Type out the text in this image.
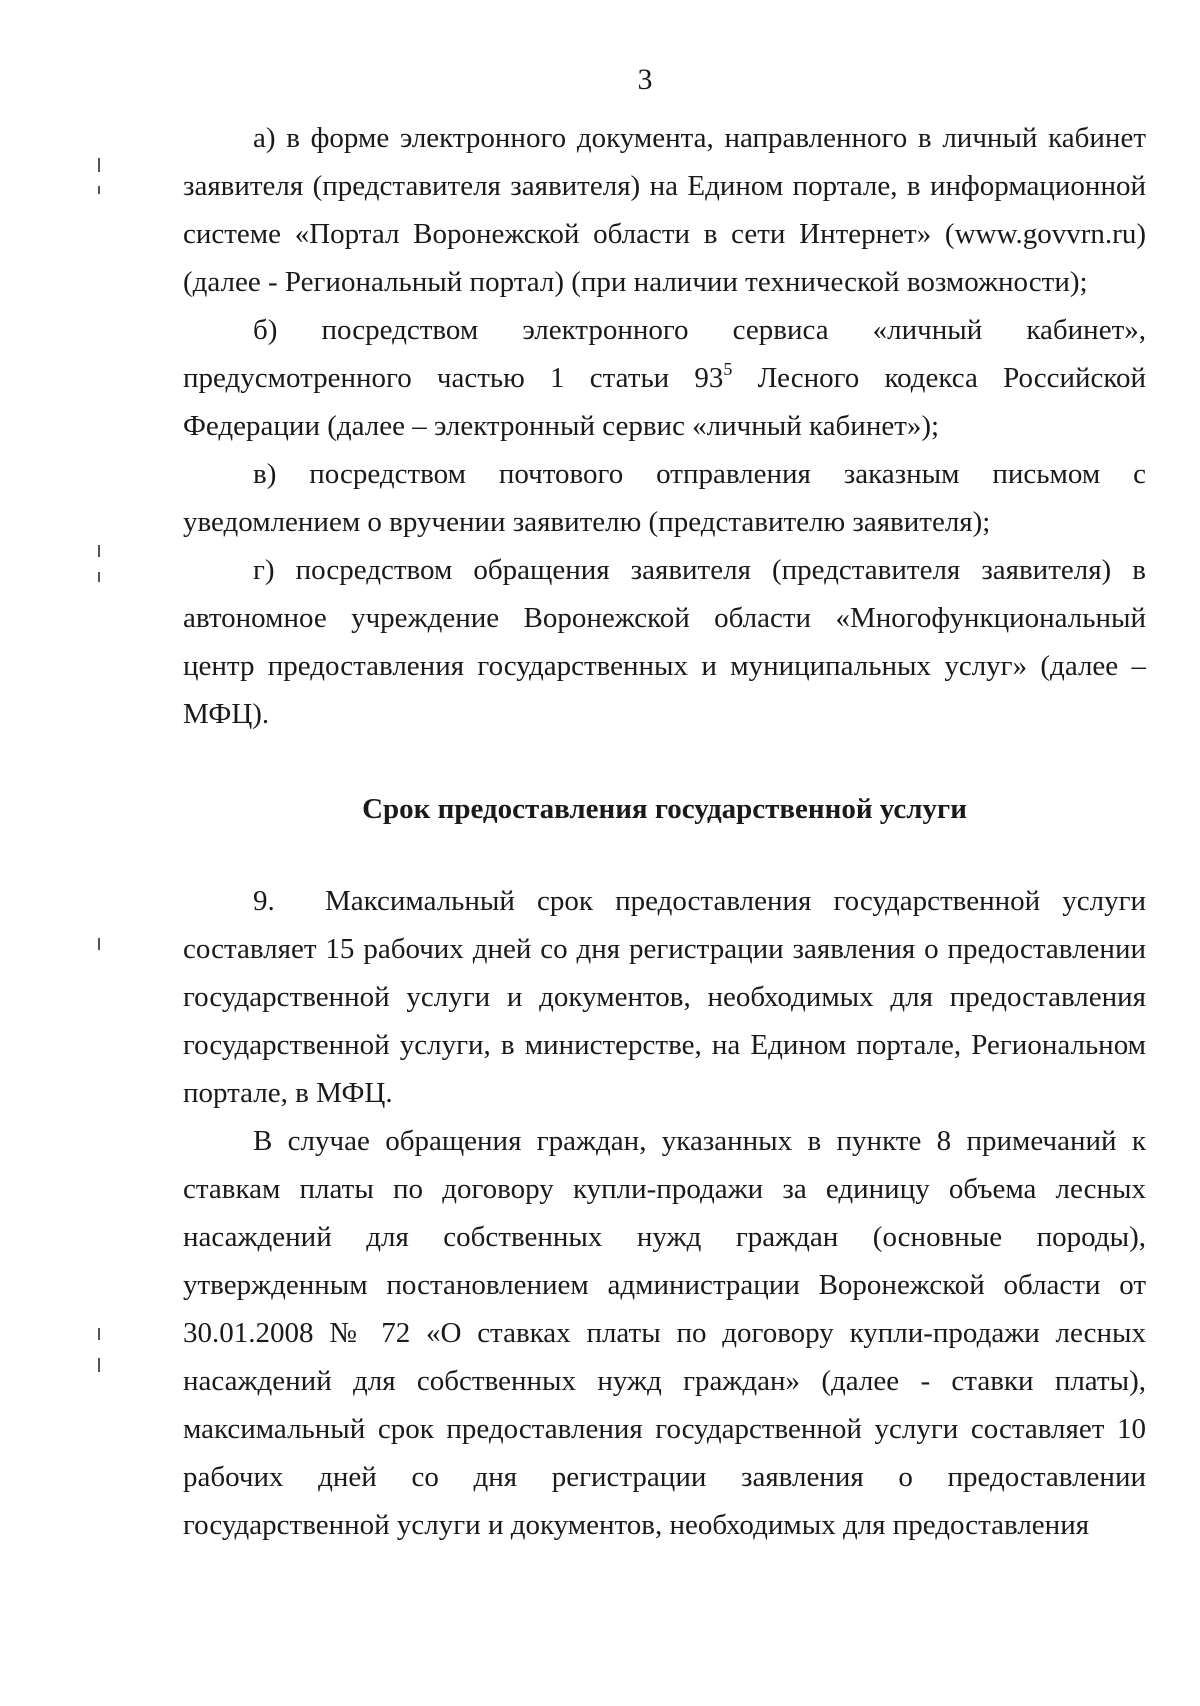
3

а) в форме электронного документа, направленного в личный кабинет заявителя (представителя заявителя) на Едином портале, в информационной системе «Портал Воронежской области в сети Интернет» (www.govvrn.ru) (далее - Региональный портал) (при наличии технической возможности);

б) посредством электронного сервиса «личный кабинет», предусмотренного частью 1 статьи $93^5$ Лесного кодекса Российской Федерации (далее – электронный сервис «личный кабинет»);

в) посредством почтового отправления заказным письмом с уведомлением о вручении заявителю (представителю заявителя);

г) посредством обращения заявителя (представителя заявителя) в автономное учреждение Воронежской области «Многофункциональный центр предоставления государственных и муниципальных услуг» (далее – МФЦ).

Срок предоставления государственной услуги

9. Максимальный срок предоставления государственной услуги составляет 15 рабочих дней со дня регистрации заявления о предоставлении государственной услуги и документов, необходимых для предоставления государственной услуги, в министерстве, на Едином портале, Региональном портале, в МФЦ.

В случае обращения граждан, указанных в пункте 8 примечаний к ставкам платы по договору купли-продажи за единицу объема лесных насаждений для собственных нужд граждан (основные породы), утвержденным постановлением администрации Воронежской области от 30.01.2008 № 72 «О ставках платы по договору купли-продажи лесных насаждений для собственных нужд граждан» (далее - ставки платы), максимальный срок предоставления государственной услуги составляет 10 рабочих дней со дня регистрации заявления о предоставлении государственной услуги и документов, необходимых для предоставления
